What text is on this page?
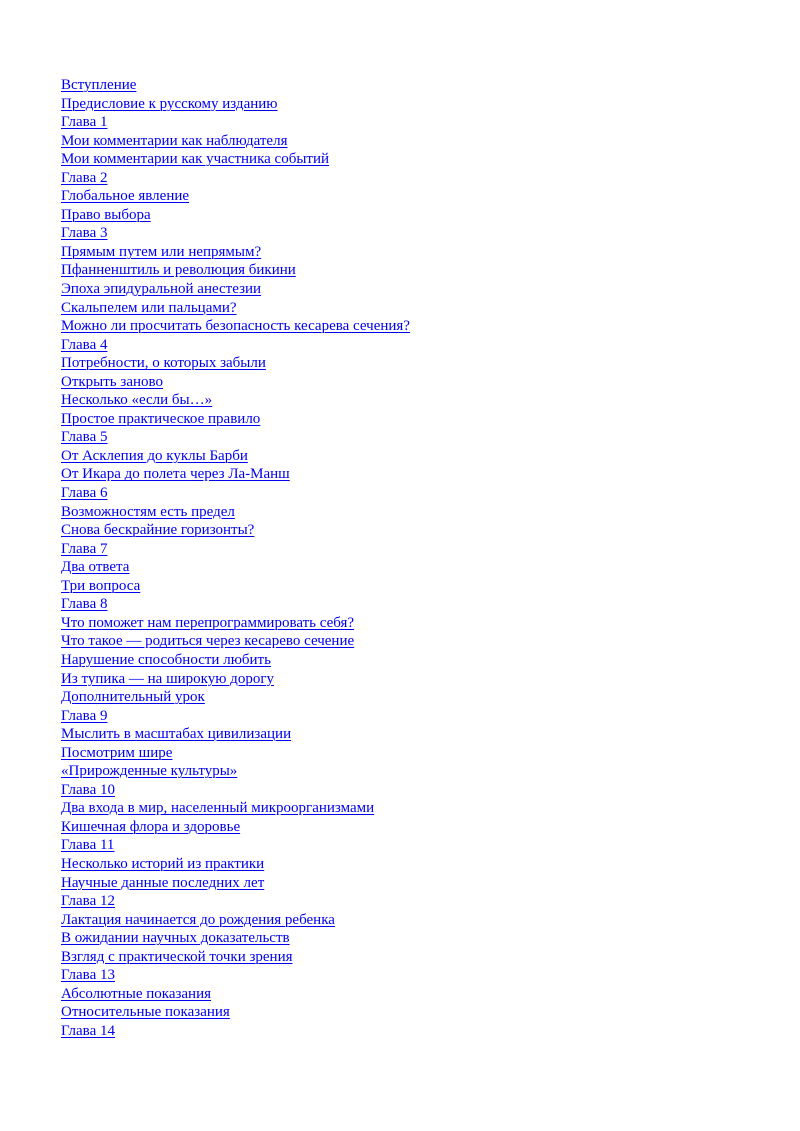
Вступление
Предисловие к русскому изданию
Глава 1
Мои комментарии как наблюдателя
Мои комментарии как участника событий
Глава 2
Глобальное явление
Право выбора
Глава 3
Прямым путем или непрямым?
Пфанненштиль и революция бикини
Эпоха эпидуральной анестезии
Скальпелем или пальцами?
Можно ли просчитать безопасность кесарева сечения?
Глава 4
Потребности, о которых забыли
Открыть заново
Несколько «если бы…»
Простое практическое правило
Глава 5
От Асклепия до куклы Барби
От Икара до полета через Ла-Манш
Глава 6
Возможностям есть предел
Снова бескрайние горизонты?
Глава 7
Два ответа
Три вопроса
Глава 8
Что поможет нам перепрограммировать себя?
Что такое — родиться через кесарево сечение
Нарушение способности любить
Из тупика — на широкую дорогу
Дополнительный урок
Глава 9
Мыслить в масштабах цивилизации
Посмотрим шире
«Прирожденные культуры»
Глава 10
Два входа в мир, населенный микроорганизмами
Кишечная флора и здоровье
Глава 11
Несколько историй из практики
Научные данные последних лет
Глава 12
Лактация начинается до рождения ребенка
В ожидании научных доказательств
Взгляд с практической точки зрения
Глава 13
Абсолютные показания
Относительные показания
Глава 14
